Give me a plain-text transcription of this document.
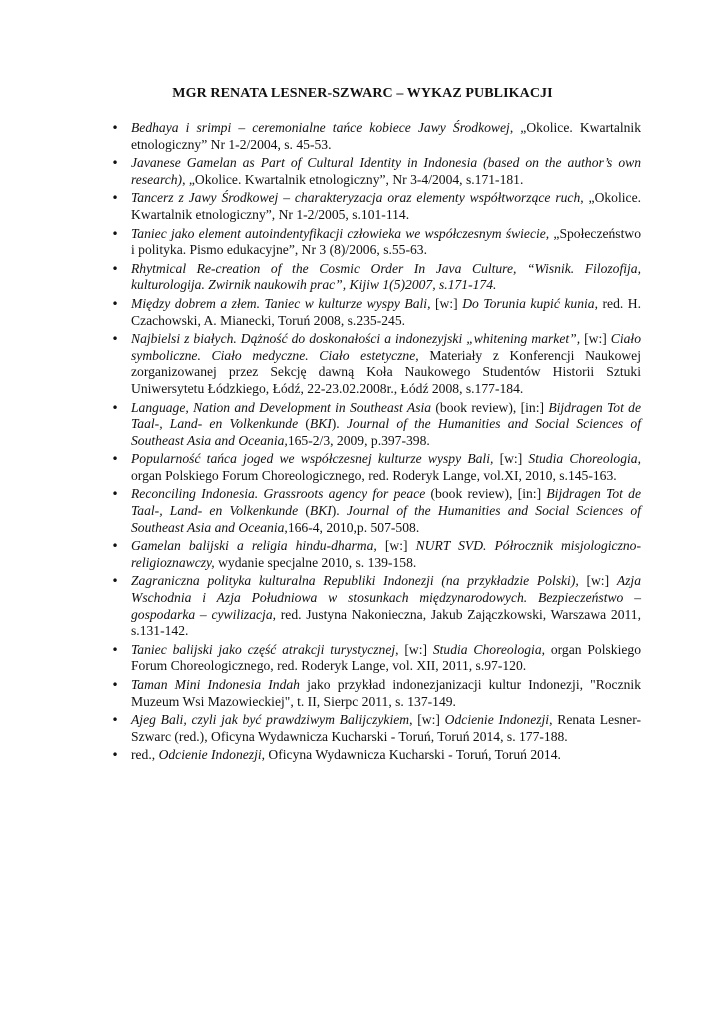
MGR RENATA LESNER-SZWARC – WYKAZ PUBLIKACJI
• Bedhaya i srimpi – ceremonialne tańce kobiece Jawy Środkowej, „Okolice. Kwartalnik etnologiczny” Nr 1-2/2004, s. 45-53.
• Javanese Gamelan as Part of Cultural Identity in Indonesia (based on the author’s own research), „Okolice. Kwartalnik etnologiczny”, Nr 3-4/2004, s.171-181.
• Tancerz z Jawy Środkowej – charakteryzacja oraz elementy współtworzące ruch, „Okolice. Kwartalnik etnologiczny”, Nr 1-2/2005, s.101-114.
• Taniec jako element autoindentyfikacji człowieka we współczesnym świecie, „Społeczeństwo i polityka. Pismo edukacyjne”, Nr 3 (8)/2006, s.55-63.
• Rhytmical Re-creation of the Cosmic Order In Java Culture, “Wisnik. Filozofija, kulturologija. Zwirnik naukowih prac”, Kijiw 1(5)2007, s.171-174.
• Między dobrem a złem. Taniec w kulturze wyspy Bali, [w:] Do Torunia kupić kunia, red. H. Czachowski, A. Mianecki, Toruń 2008, s.235-245.
• Najbielsi z białych. Dążność do doskonałości a indonezyjski „whitening market”, [w:] Ciało symboliczne. Ciało medyczne. Ciało estetyczne, Materiały z Konferencji Naukowej zorganizowanej przez Sekcję dawną Koła Naukowego Studentów Historii Sztuki Uniwersytetu Łódzkiego, Łódź, 22-23.02.2008r., Łódź 2008, s.177-184.
• Language, Nation and Development in Southeast Asia (book review), [in:] Bijdragen Tot de Taal-, Land- en Volkenkunde (BKI). Journal of the Humanities and Social Sciences of Southeast Asia and Oceania,165-2/3, 2009, p.397-398.
• Popularność tańca joged we współczesnej kulturze wyspy Bali, [w:] Studia Choreologia, organ Polskiego Forum Choreologicznego, red. Roderyk Lange, vol.XI, 2010, s.145-163.
• Reconciling Indonesia. Grassroots agency for peace (book review), [in:] Bijdragen Tot de Taal-, Land- en Volkenkunde (BKI). Journal of the Humanities and Social Sciences of Southeast Asia and Oceania,166-4, 2010,p. 507-508.
• Gamelan balijski a religia hindu-dharma, [w:] NURT SVD. Półrocznik misjologiczno-religioznawczy, wydanie specjalne 2010, s. 139-158.
• Zagraniczna polityka kulturalna Republiki Indonezji (na przykładzie Polski), [w:] Azja Wschodnia i Azja Południowa w stosunkach międzynarodowych. Bezpieczeństwo – gospodarka – cywilizacja, red. Justyna Nakonieczna, Jakub Zajączkowski, Warszawa 2011, s.131-142.
• Taniec balijski jako część atrakcji turystycznej, [w:] Studia Choreologia, organ Polskiego Forum Choreologicznego, red. Roderyk Lange, vol. XII, 2011, s.97-120.
• Taman Mini Indonesia Indah jako przykład indonezjanizacji kultur Indonezji, "Rocznik Muzeum Wsi Mazowieckiej", t. II, Sierpc 2011, s. 137-149.
• Ajeg Bali, czyli jak być prawdziwym Balijczykiem, [w:] Odcienie Indonezji, Renata Lesner-Szwarc (red.), Oficyna Wydawnicza Kucharski - Toruń, Toruń 2014, s. 177-188.
• red., Odcienie Indonezji, Oficyna Wydawnicza Kucharski - Toruń, Toruń 2014.
